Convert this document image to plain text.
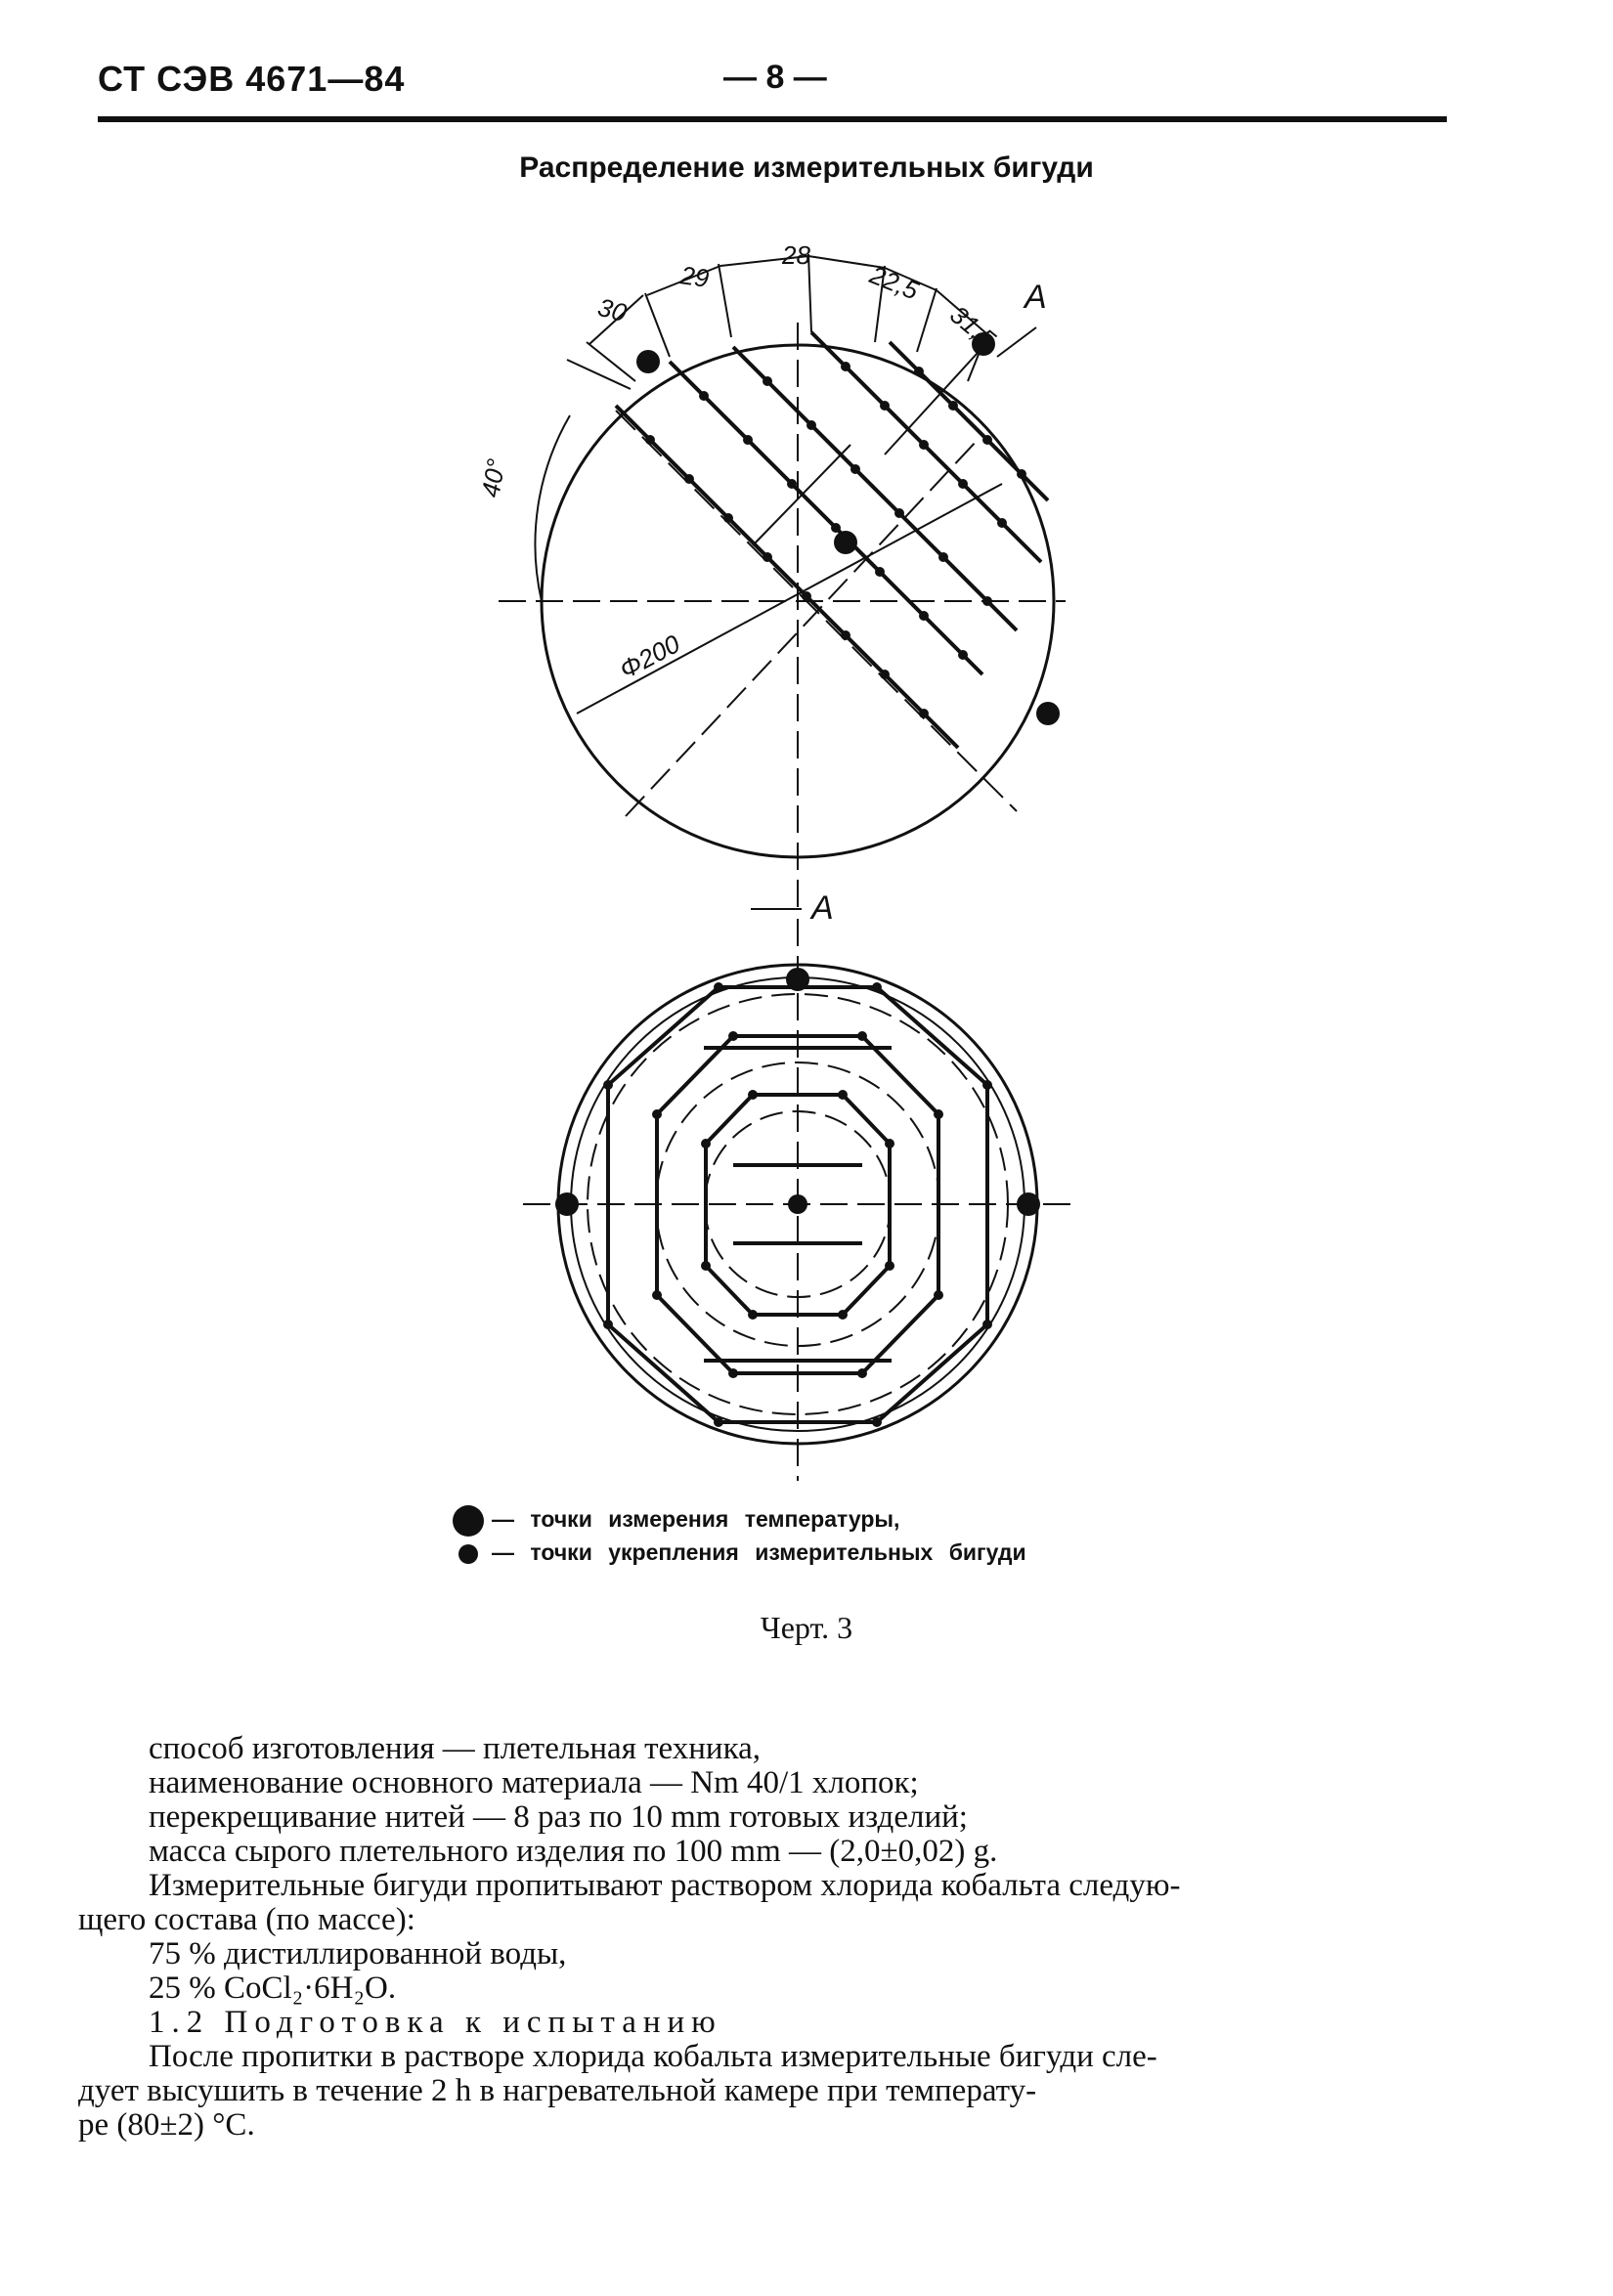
СТ СЭВ 4671—84	— 8 —
Распределение измерительных бигуди
30
29
28
22,5
31,5
40°
Φ200
A
A
— точки измерения температуры,
— точки укрепления измерительных бигуди
Черт. 3

способ изготовления — плетельная техника,

наименование основного материала — Nm 40/1 хлопок;

перекрещивание нитей — 8 раз по 10 mm готовых изделий;

масса сырого плетельного изделия по 100 mm — (2,0±0,02) g.

Измерительные бигуди пропитывают раствором хлорида кобальта следую-

щего состава (по массе):

75 % дистиллированной воды,

25 % CoCl₂·6H₂O.

1.2 Подготовка к испытанию

После пропитки в растворе хлорида кобальта измерительные бигуди сле-

дует высушить в течение 2 h в нагревательной камере при температу-

ре (80±2) °C.
